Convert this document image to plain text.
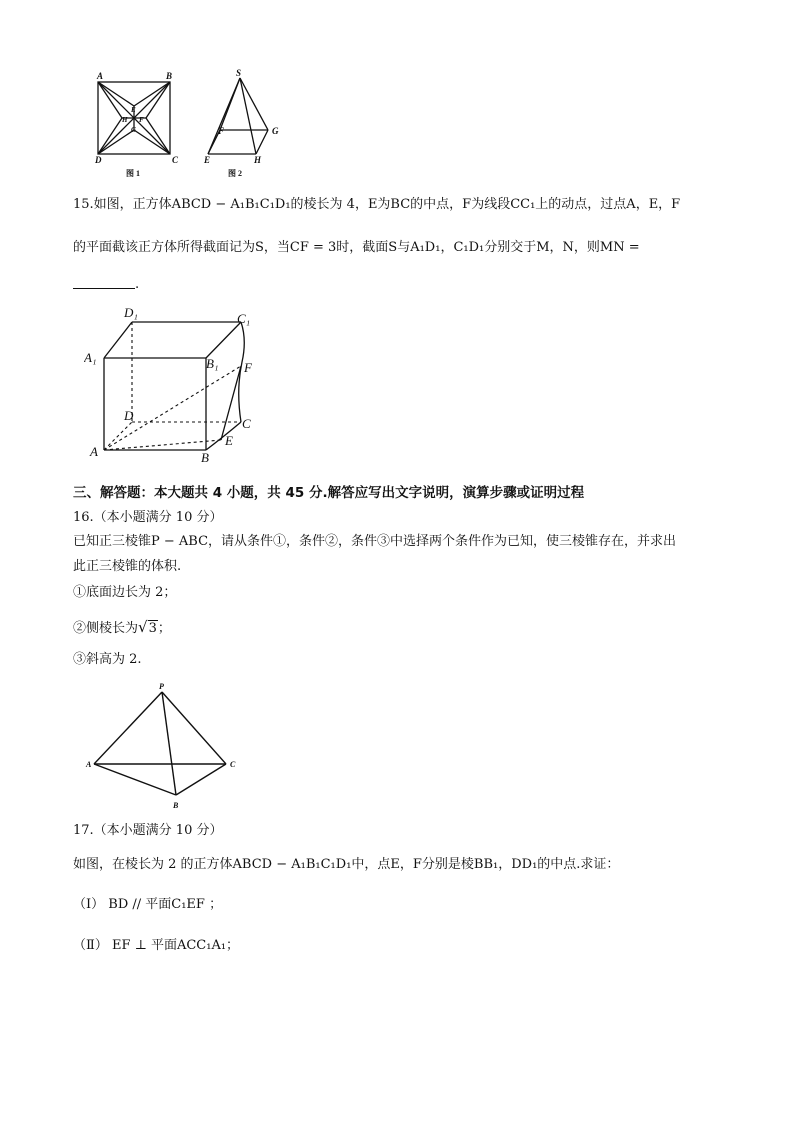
A	B
C
D
E
H F
G
图 1
S
F	G
E	H
图 2
15.如图，正方体ABCD − A₁B₁C₁D₁的棱长为 4，E为BC的中点，F为线段CC₁上的动点，过点A，E，F
的平面截该正方体所得截面记为S，当CF = 3时，截面S与A₁D₁，C₁D₁分别交于M，N，则MN =
.
D₁	C₁
A₁	B₁ F
D
C
A
E
B
三、解答题：本大题共 4 小题，共 45 分.解答应写出文字说明，演算步骤或证明过程
16.（本小题满分 10 分）
已知正三棱锥P − ABC，请从条件①，条件②，条件③中选择两个条件作为已知，使三棱锥存在，并求出
此正三棱锥的体积.
①底面边长为 2；
②侧棱长为√3；
③斜高为 2.
P
A	C
B
17.（本小题满分 10 分）
如图，在棱长为 2 的正方体ABCD − A₁B₁C₁D₁中，点E，F分别是棱BB₁，DD₁的中点.求证：
（I） BD // 平面C₁EF ；
（Ⅱ） EF ⊥ 平面ACC₁A₁；
